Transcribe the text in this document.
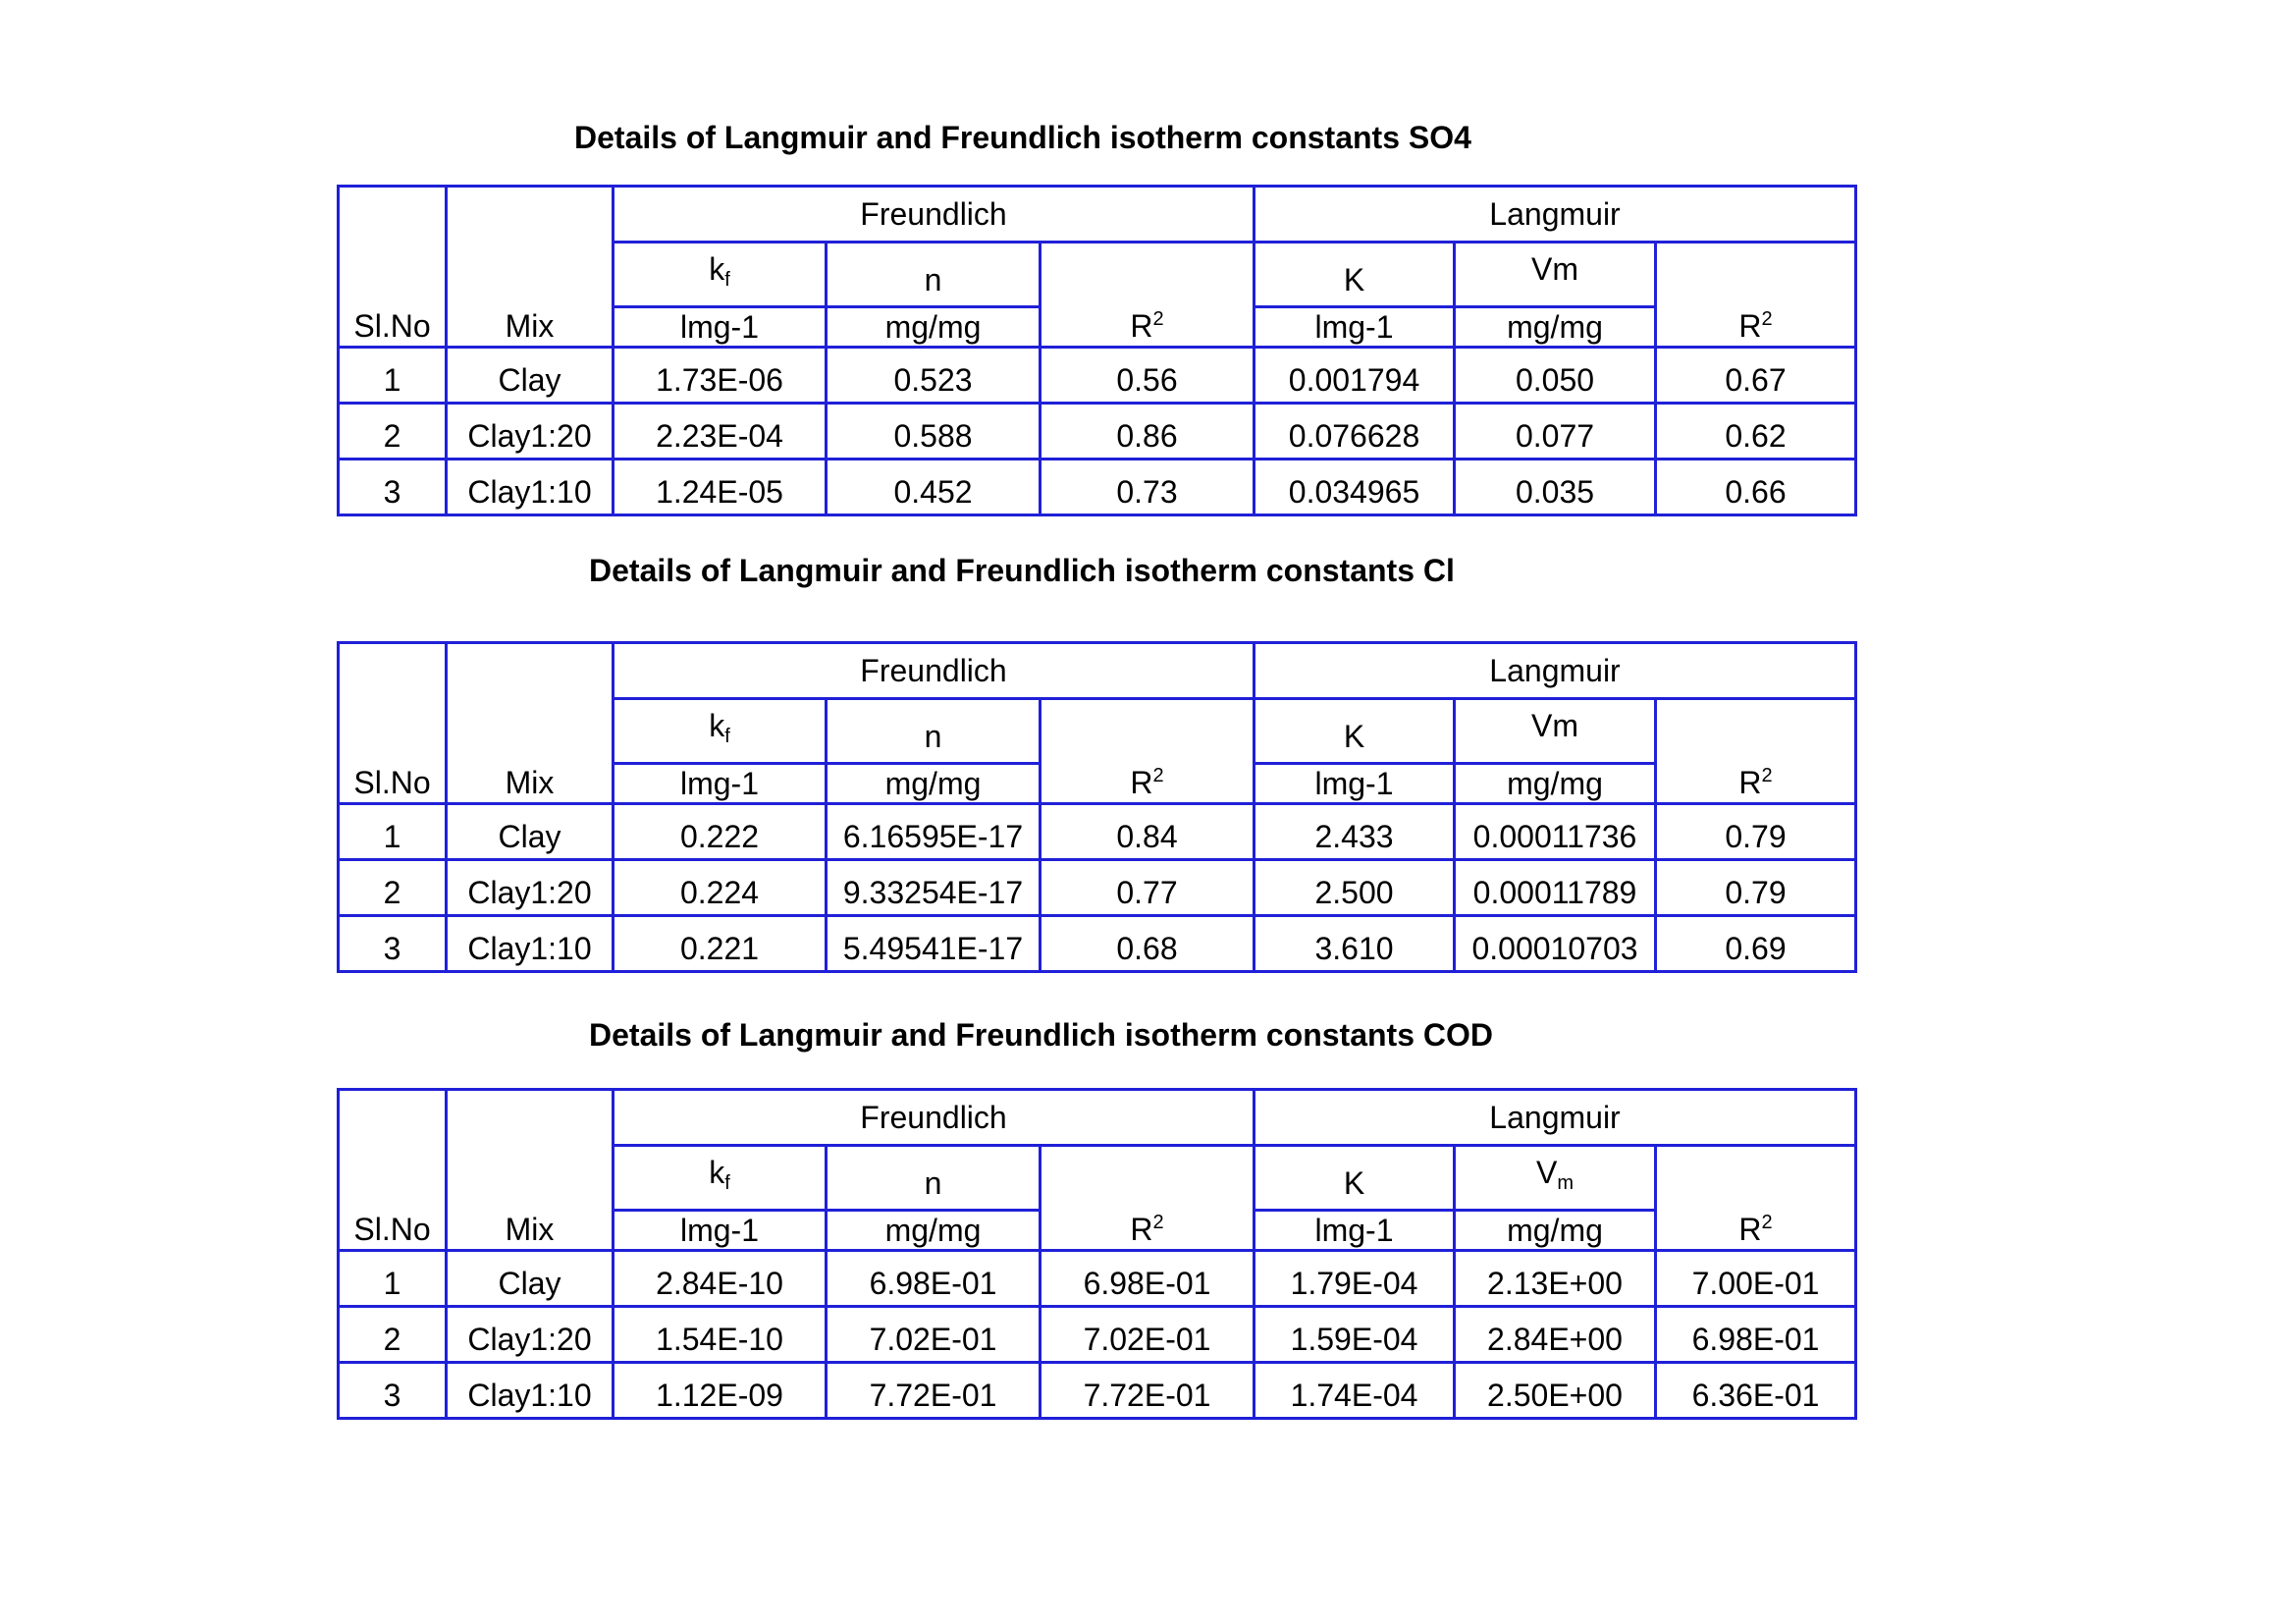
Details of Langmuir and Freundlich isotherm constants SO4
Sl.No	Mix	Freundlich			Langmuir		
		$k_f$	n	$R^2$	K	Vm	$R^2$
		lmg-1	mg/mg		lmg-1	mg/mg	
1	Clay	1.73E-06	0.523	0.56	0.001794	0.050	0.67
2	Clay1:20	2.23E-04	0.588	0.86	0.076628	0.077	0.62
3	Clay1:10	1.24E-05	0.452	0.73	0.034965	0.035	0.66
Details of Langmuir and Freundlich isotherm constants Cl
Sl.No	Mix	Freundlich			Langmuir		
		$k_f$	n	$R^2$	K	Vm	$R^2$
		lmg-1	mg/mg		lmg-1	mg/mg	
1	Clay	0.222	6.16595E-17	0.84	2.433	0.00011736	0.79
2	Clay1:20	0.224	9.33254E-17	0.77	2.500	0.00011789	0.79
3	Clay1:10	0.221	5.49541E-17	0.68	3.610	0.00010703	0.69
Details of Langmuir and Freundlich isotherm constants COD
Sl.No	Mix	Freundlich			Langmuir		
		$k_f$	n	$R^2$	K	$V_m$	$R^2$
		lmg-1	mg/mg		lmg-1	mg/mg	
1	Clay	2.84E-10	6.98E-01	6.98E-01	1.79E-04	2.13E+00	7.00E-01
2	Clay1:20	1.54E-10	7.02E-01	7.02E-01	1.59E-04	2.84E+00	6.98E-01
3	Clay1:10	1.12E-09	7.72E-01	7.72E-01	1.74E-04	2.50E+00	6.36E-01
